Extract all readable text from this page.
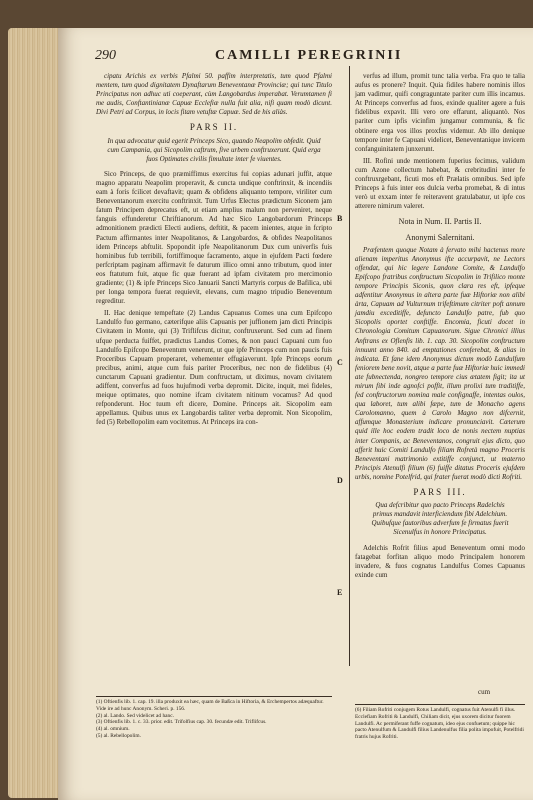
290	CAMILLI PEREGRINII

cipatu Arichis ex verbis Pfalmi 50. paffim interpretatis, tum quod Pfalmi mentem, tum quod dignitatem Dynaftarum Beneventanæ Provinciæ; qui tunc Titulo Principatus non adhuc uti coeperant, cùm Langobardus imperabat. Verumtamen fi me audis, Conftantinianæ Capuæ Ecclefiæ nulla fuit alia, nifi quam modò dicunt. Divi Petri ad Corpus, in locis fitam vetuftæ Capuæ. Sed de his aliàs.

PARS II.
In qua advocatur quid egerit Princeps Sico, quando Neapolim obfedit. Quid cum Campania, qui Sicopolim caftrum, five urbem conftruxerunt. Quid erga fuos Optimates civilis fimultate inter fe viuentes.

Sico Princeps, de quo præmiffimus exercitus fui copias adunari juffit, atque magno apparatu Neapolim properavit, & cuncta undique conftrinxit, & incendiis eam à foris fcilicet devaftavit; quam & obfidens aliquanto tempore, viriliter cum Beneventanorum exercitu conftrinxit. Tum Urfus Electus prædictum Siconem jam fatum Principem deprecatus eft, ut etiam amplius malum non perveniret, neque fanguis effunderetur Chriftianorum. Ad hæc Sico Langobardorum Princeps admonitionem prædicti Electi audiens, deftitit, & pacem inientes, atque in fcripto Pactum affirmantes inter Neapolitanos, & Langobardos, & obfides Neapolitanos idem Princeps abftulit. Spopondit ipfe Neapolitanorum Dux cum univerfis fuis hominibus fub terribili, fortiffimoque facramento, atque in ejufdem Pacti fœdere perfcriptam paginam affirmavit fe daturum illico omni anno tributum, quod inter eos ftatutum fuit, atque fic quæ fuerant ad ipfam civitatem pro mercimonio gradiente; (1) & ipfe Princeps Sico Januarii Sancti Martyris corpus de Bafilica, ubi per longa tempora fuerat requievit, elevans, cum magno tripudio Beneventum regreditur.

II. Hac denique tempeftate (2) Landus Capuanus Comes una cum Epifcopo Landulfo fuo germano, cæterifque aliis Capuanis per juffionem jam dicti Principis Civitatem in Monte, qui (3) Triflifcus dicitur, conftruxerunt. Sed cum ad finem ufque perducta fuiffet, prædictus Landus Comes, & non pauci Capuani cum fuo Landulfo Epifcopo Beneventum venerunt, ut que ipfe Princeps cum non paucis fuis Proceribus Capuam properaret, vehementer effugiaverunt. Ipfe Princeps eorum precibus, animi, atque cum fuis pariter Proceribus, nec non de fidelibus (4) cunctarum Capuani gradientur. Dum conftructam, ut diximus, novam civitatem adiffent, converfus ad fuos hujufmodi verba depromit. Dicite, inquit, mei fideles, meique optimates, quo nomine ifcam civitatem nitinum vocamus? Ad quod refponderunt. Hoc tuum eft dicere, Domine. Princeps ait. Sicopolim eam appellamus. Quibus unus ex Langobardis taliter verba depromit. Non Sicopolim, fed (5) Rebellopolim eam vocitemus. At Princeps ira con-

B
C
D
E

verfus ad illum, promit tunc talia verba. Fra quo te talia aufus es pronere? Inquit. Quia fidiles habere nominis illos jam vadimur, quifi congraguntate pariter cum illis incamus. At Princeps converfus ad fuos, exinde qualiter agere a fuis fidelibus expavit. Illi vero ore effarunt, aliquantò. Nos pariter cum ipfis vicinfim jungamur communia, & fic obtinere erga vos illos proxfus videmur. Ab illo denique tempore inter fe Capuani videlicet, Beneventanique invicem confanguinitatem junxerunt.

III. Rofini unde mentionem fuperius fecimus, validum cum Azone collectum habebat, & crebritudini inter fe conftruxrgebant, ficuti mos eft Prælatis omnibus. Sed ipfe Princeps à fuis inter eos dulcia verba promebat, & di intus verò ut exxam inter fe reiteravent gratulabatur, ut ipfe cos atterere nimirum valeret.

Nota in Num. II. Partis II.
Anonymi Salernitani.

Præfentem quoque Notam à fervato mihi hactenus more alienam imperitus Anonymus ifte accurpavit, ne Lectors offendat, qui hic legere Landone Comite, & Landulfo Epifcopo fratribus conftructum Sicopolim in Trifilico monte tempore Principis Siconis, quon clara res eft, ipfeque adfentitur Anonymus in altera parte fuæ Hiftoriæ non alibi àrta, Capuam ad Vulturnum trifeftimum citriter poft annum jamdiu exceditiffe, defuncto Landulfo patre, fub quo Sicopolis oportet conftiffe. Encomia, ficuti docet in Chronologia Comitum Capuanorum. Sigue Chronici illius Anftrans ex Oflenfis lib. 1. cap. 30. Sicopolim conftructum innuunt anno 840. ad emptationes conferebat, & alias in indicata. Et fane idem Anonymus dictum modò Landulfum feniorem bene novit, atque a parte fuæ Hiftoriæ huic immedi ate fubnectenda, nongreo tempore cius ætatem figit; ita ut mirum fibi inde agnofci poffit, illum prolixi tum traditiffe, fed conftructorum nomina male confignaffe, intentas oulos, qua laboret, tum alibi fæpe, tum de Monacho agens Carolomanno, quem à Carolo Magno non difcernit, affumque Monasterium indicare pronunciavit. Cæterum quid ille hoc eodem tradit loco de nonis nectem nuptias inter Companis, ac Beneventanos, congruit ejus dicto, quo afferit huic Comiti Landulfo filiam Rofretà magno Proceris Beneventani matrimonio extitiffe conjunct, ut materno Principis Atenulfi filium (6) fuiffe ditatus Proceris ejufdem urbis, nomine Potelfrid, qui frater fuerat modò dicti Rofriti.

PARS III.
Qua defcribitur quo pacto Princeps Radelchis primus mandavit interficiendum fibi Adelchium. Quibufque fautoribus adverfum fe firmatus fuerit Sicenulfus in honore Principatus.

Adelchis Rofrit filius apud Beneventum omni modo fatagebat forfitan aliquo modo Principalem honorem invadere, & fuos cognatus Landulfus Comes Capuanus exinde cum

(1) Oftienfis lib. 1. cap. 19. illa produxit ea hæc, quam de Baßca in Hiftoria, & Erchempertos adæquaftur. Vide ire ad hunc Anonym. Scheri. p. 156.
(2) al. Lando. Sed videlicet ad hanc.
(3) Oftienfis lib. 1. c. 33. prior. edit. Trifolfius cap. 30. fecundæ edit. Triflifcus.
(4) al. omnium.
(5) al. Rebellopolim.
(6) Filiam Rofriti conjugem Rotus Landulfi, cognatus fuit Atenulfi fi illus. Ecclefiam Rofriti & Landulfi, Chiliam dicit, ejus uxorem dicitur fuorem Landulfi. Ac permiferant fuffe cognatum, ideo ejus confuetum; quippe hic pacto Atenulfum & Landulfi filius Landenulfus filia polita impofuit, Potelfridi fratris hujus Rofriti.
cum
